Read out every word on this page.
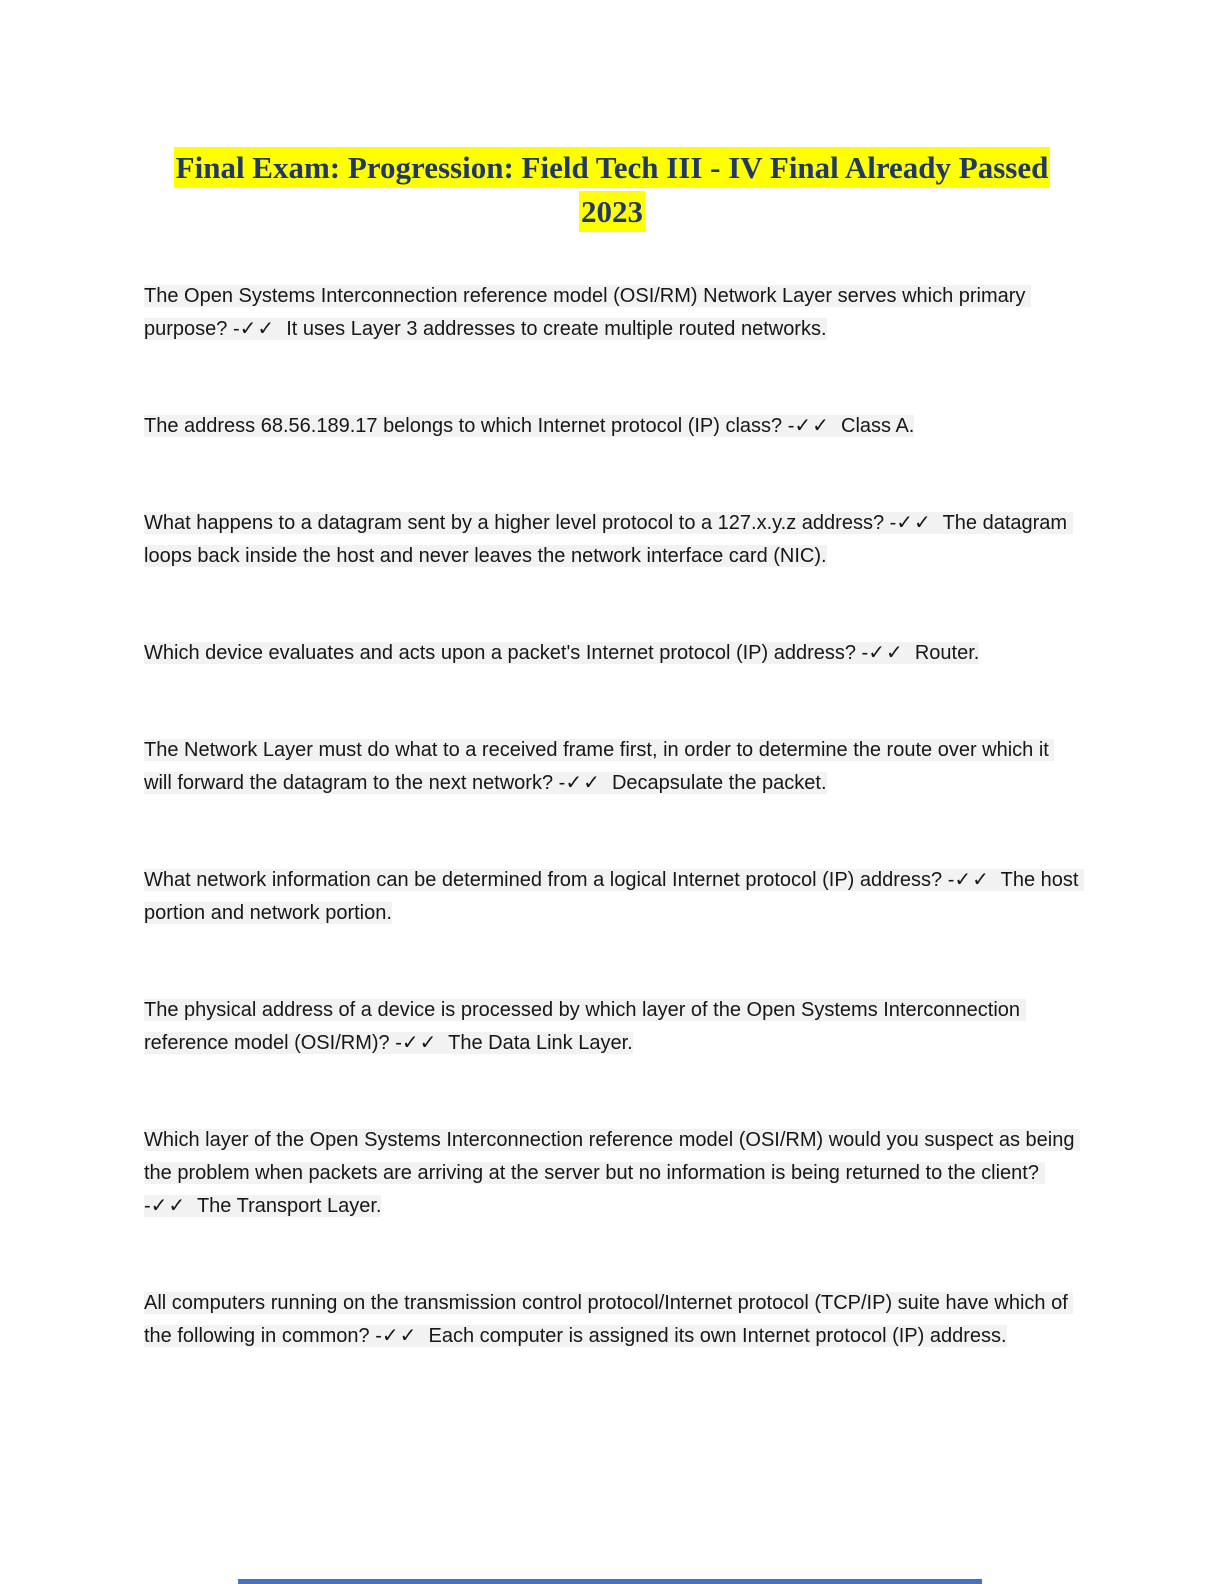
Final Exam: Progression: Field Tech III - IV Final Already Passed 2023

The Open Systems Interconnection reference model (OSI/RM) Network Layer serves which primary purpose? -✓✓  It uses Layer 3 addresses to create multiple routed networks.

The address 68.56.189.17 belongs to which Internet protocol (IP) class? -✓✓  Class A.

What happens to a datagram sent by a higher level protocol to a 127.x.y.z address? -✓✓  The datagram loops back inside the host and never leaves the network interface card (NIC).

Which device evaluates and acts upon a packet's Internet protocol (IP) address? -✓✓  Router.

The Network Layer must do what to a received frame first, in order to determine the route over which it will forward the datagram to the next network? -✓✓  Decapsulate the packet.

What network information can be determined from a logical Internet protocol (IP) address? -✓✓  The host portion and network portion.

The physical address of a device is processed by which layer of the Open Systems Interconnection reference model (OSI/RM)? -✓✓  The Data Link Layer.

Which layer of the Open Systems Interconnection reference model (OSI/RM) would you suspect as being the problem when packets are arriving at the server but no information is being returned to the client? -✓✓  The Transport Layer.

All computers running on the transmission control protocol/Internet protocol (TCP/IP) suite have which of the following in common? -✓✓  Each computer is assigned its own Internet protocol (IP) address.
